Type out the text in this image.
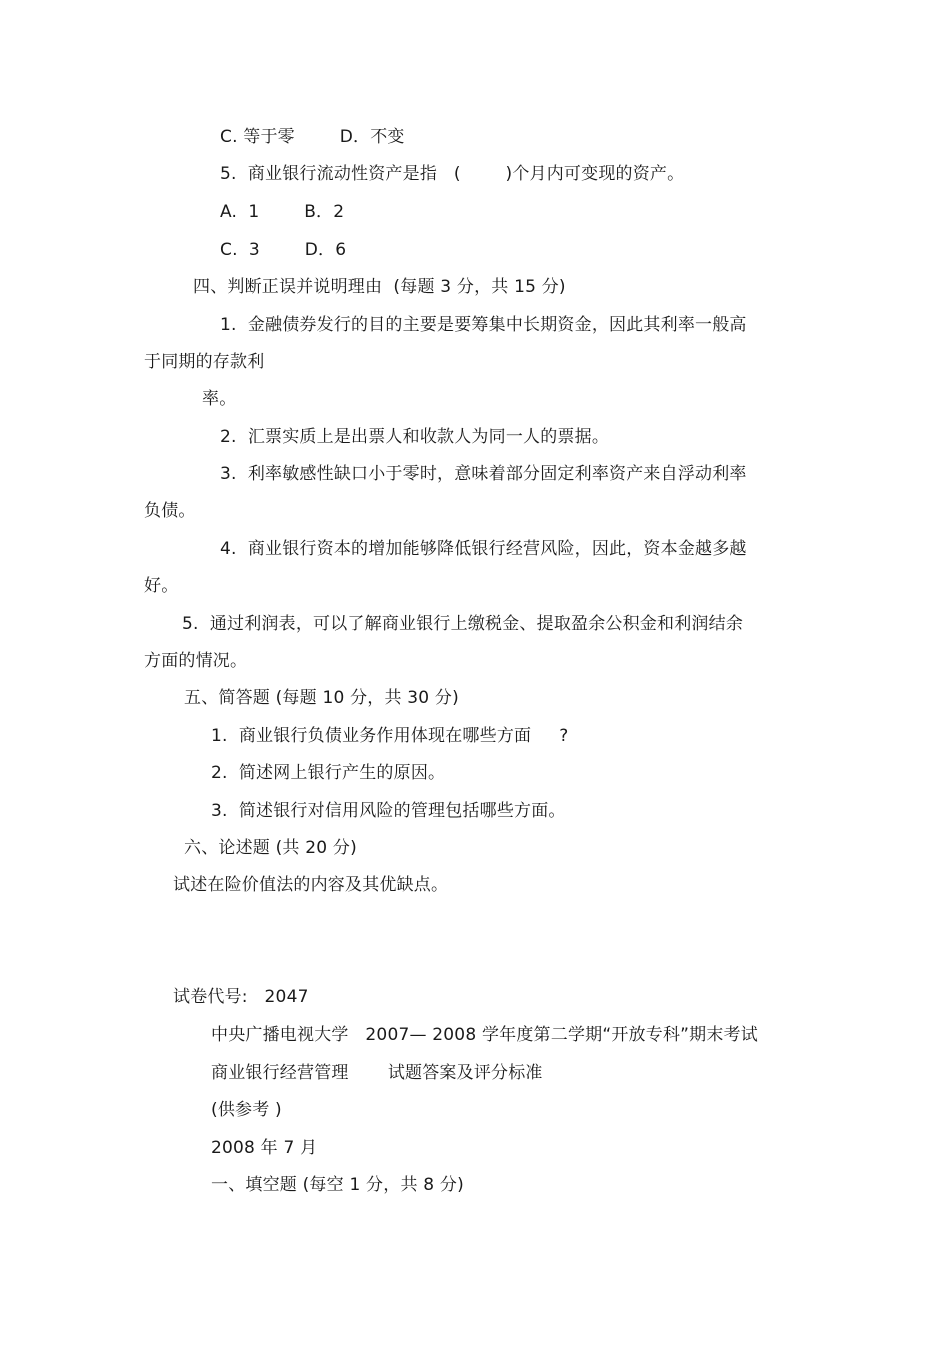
C. 等于零        D．不变
5.  商业银行流动性资产是指   (        )个月内可变现的资产。
A.  1        B．2
C.  3        D．6
四、判断正误并说明理由  (每题 3 分，共 15 分)
1.  金融债券发行的目的主要是要筹集中长期资金，因此其利率一般高
于同期的存款利
率。
2.  汇票实质上是出票人和收款人为同一人的票据。
3.  利率敏感性缺口小于零时，意味着部分固定利率资产来自浮动利率
负债。
4.  商业银行资本的增加能够降低银行经营风险，因此，资本金越多越
好。
5.  通过利润表，可以了解商业银行上缴税金、提取盈余公积金和利润结余
方面的情况。
五、简答题 (每题 10 分，共 30 分)
1.  商业银行负债业务作用体现在哪些方面     ?
2.  简述网上银行产生的原因。
3.  简述银行对信用风险的管理包括哪些方面。
六、论述题 (共 20 分)
试述在险价值法的内容及其优缺点。
试卷代号:   2047
中央广播电视大学   2007— 2008 学年度第二学期“开放专科”期末考试
商业银行经营管理       试题答案及评分标准
(供参考 )
2008 年 7 月
一、填空题 (每空 1 分，共 8 分)
